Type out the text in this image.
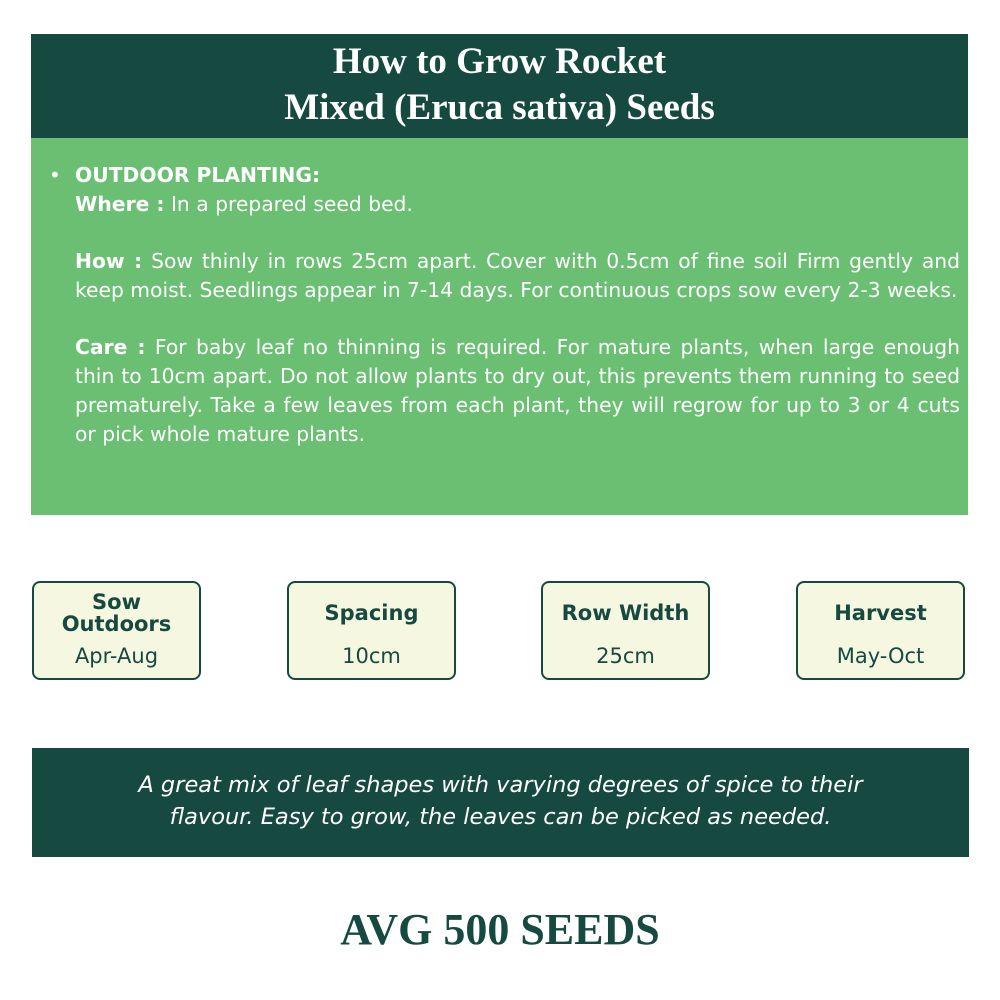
How to Grow Rocket
Mixed (Eruca sativa) Seeds
• OUTDOOR PLANTING:
Where : In a prepared seed bed.

How : Sow thinly in rows 25cm apart. Cover with 0.5cm of fine soil Firm gently and keep moist. Seedlings appear in 7-14 days. For continuous crops sow every 2-3 weeks.

Care : For baby leaf no thinning is required. For mature plants, when large enough thin to 10cm apart. Do not allow plants to dry out, this prevents them running to seed prematurely. Take a few leaves from each plant, they will regrow for up to 3 or 4 cuts or pick whole mature plants.

Sow
Outdoors
Apr-Aug
Spacing
10cm
Row Width
25cm
Harvest
May-Oct
A great mix of leaf shapes with varying degrees of spice to their
flavour. Easy to grow, the leaves can be picked as needed.
AVG 500 SEEDS
